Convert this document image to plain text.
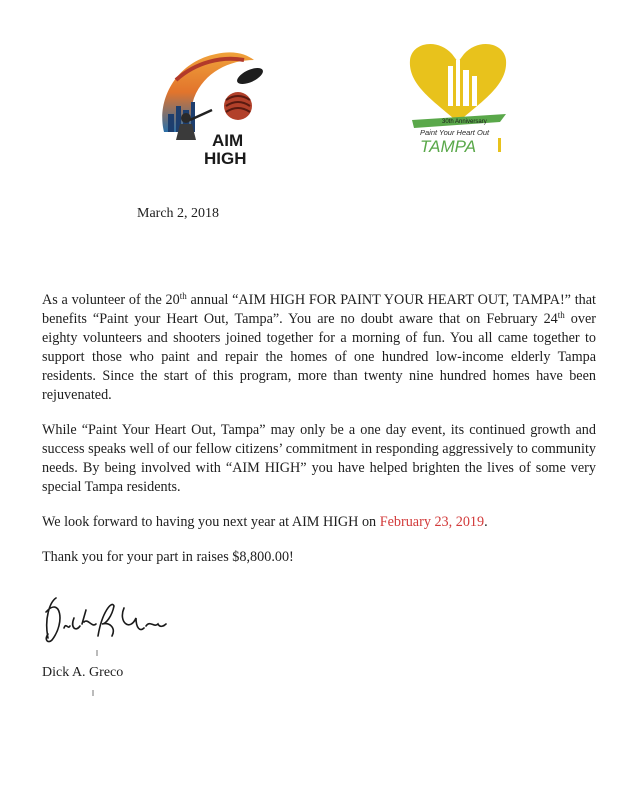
AIM
HIGH
30th Anniversary
Paint Your Heart Out
TAMPA
March 2, 2018

As a volunteer of the 20th annual “AIM HIGH FOR PAINT YOUR HEART OUT, TAMPA!” that benefits “Paint your Heart Out, Tampa”. You are no doubt aware that on February 24th over eighty volunteers and shooters joined together for a morning of fun. You all came together to support those who paint and repair the homes of one hundred low-income elderly Tampa residents. Since the start of this program, more than twenty nine hundred homes have been rejuvenated.

While “Paint Your Heart Out, Tampa” may only be a one day event, its continued growth and success speaks well of our fellow citizens’ commitment in responding aggressively to community needs. By being involved with “AIM HIGH” you have helped brighten the lives of some very special Tampa residents.

We look forward to having you next year at AIM HIGH on February 23, 2019.

Thank you for your part in raises $8,800.00!

Dick A. Greco
